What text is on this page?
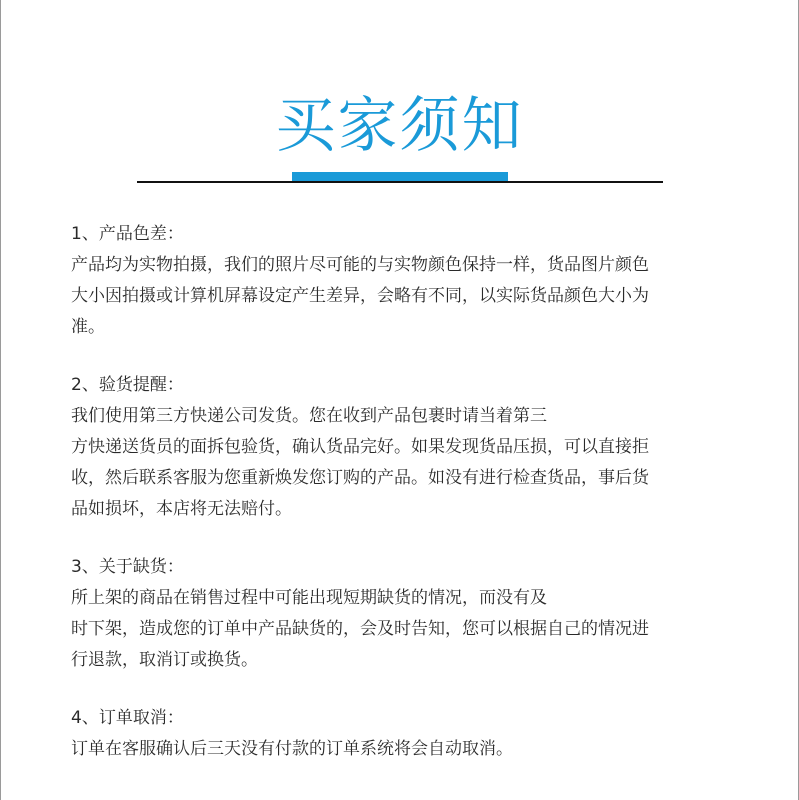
买家须知
1、产品色差：
产品均为实物拍摄，我们的照片尽可能的与实物颜色保持一样，货品图片颜色
大小因拍摄或计算机屏幕设定产生差异，会略有不同，以实际货品颜色大小为
准。
2、验货提醒：
我们使用第三方快递公司发货。您在收到产品包裹时请当着第三
方快递送货员的面拆包验货，确认货品完好。如果发现货品压损，可以直接拒
收，然后联系客服为您重新焕发您订购的产品。如没有进行检查货品，事后货
品如损坏，本店将无法赔付。
3、关于缺货：
所上架的商品在销售过程中可能出现短期缺货的情况，而没有及
时下架，造成您的订单中产品缺货的，会及时告知，您可以根据自己的情况进
行退款，取消订或换货。
4、订单取消：
订单在客服确认后三天没有付款的订单系统将会自动取消。
